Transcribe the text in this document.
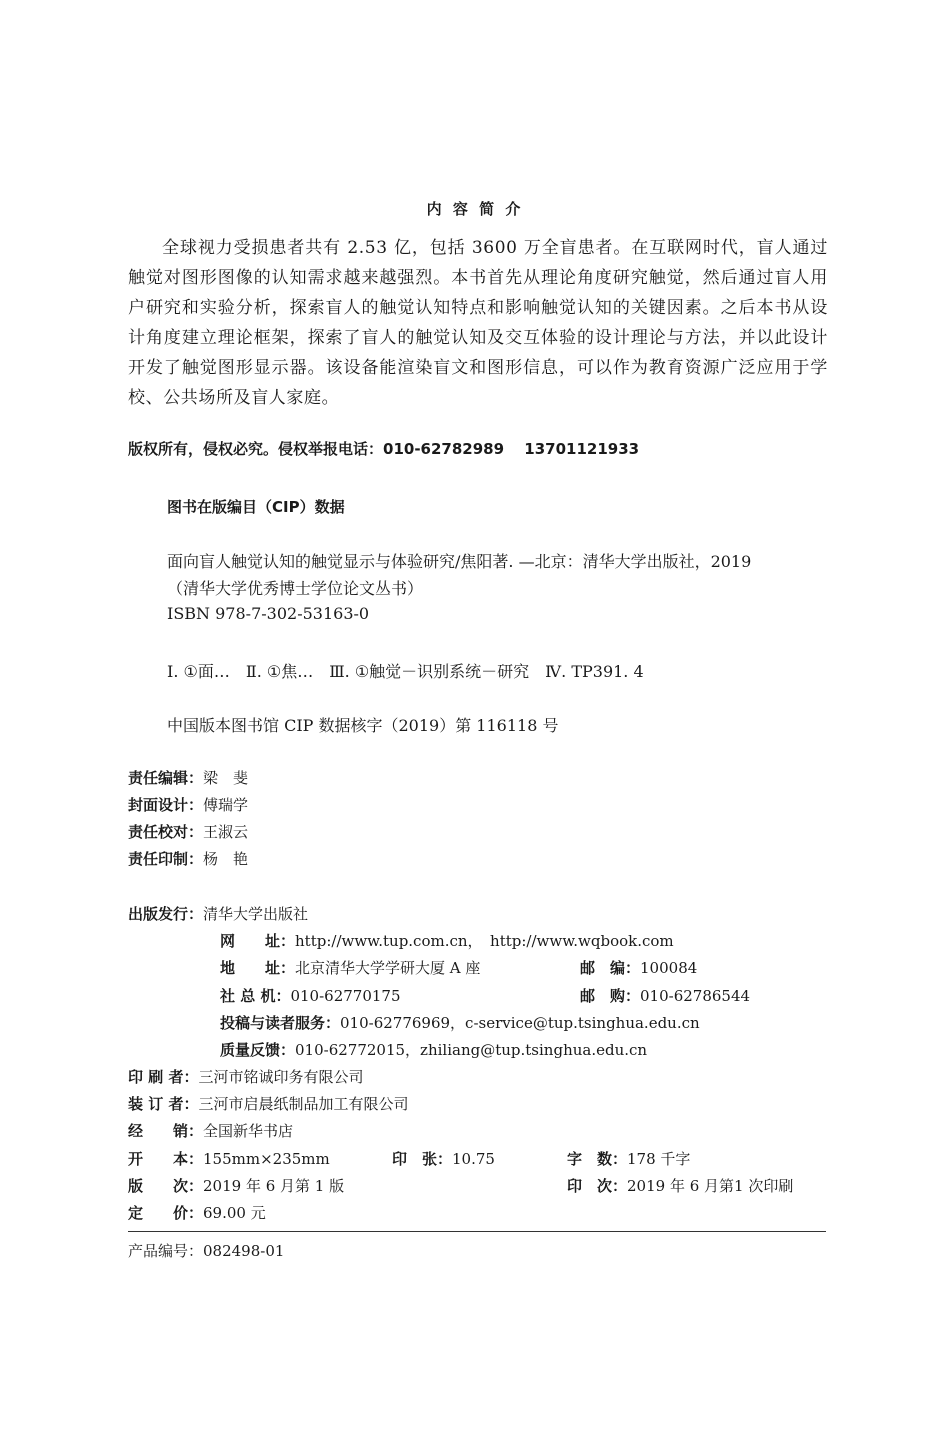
内 容 简 介
全球视力受损患者共有 2.53 亿，包括 3600 万全盲患者。在互联网时代，盲人通过触觉对图形图像的认知需求越来越强烈。本书首先从理论角度研究触觉，然后通过盲人用户研究和实验分析，探索盲人的触觉认知特点和影响触觉认知的关键因素。之后本书从设计角度建立理论框架，探索了盲人的触觉认知及交互体验的设计理论与方法，并以此设计开发了触觉图形显示器。该设备能渲染盲文和图形信息，可以作为教育资源广泛应用于学校、公共场所及盲人家庭。
版权所有，侵权必究。侵权举报电话：010-62782989　 13701121933
图书在版编目（CIP）数据
面向盲人触觉认知的触觉显示与体验研究/焦阳著. —北京：清华大学出版社，2019
（清华大学优秀博士学位论文丛书）
ISBN 978-7-302-53163-0
Ⅰ. ①面…　Ⅱ. ①焦…　Ⅲ. ①触觉－识别系统－研究　Ⅳ. TP391. 4
中国版本图书馆 CIP 数据核字（2019）第 116118 号
责任编辑：梁　斐
封面设计：傅瑞学
责任校对：王淑云
责任印制：杨　艳
出版发行：清华大学出版社
网　　址：http://www.tup.com.cn，　http://www.wqbook.com
地　　址：北京清华大学学研大厦 A 座	邮　编：100084
社 总 机：010-62770175	邮　购：010-62786544
投稿与读者服务：010-62776969，c-service@tup.tsinghua.edu.cn
质量反馈：010-62772015，zhiliang@tup.tsinghua.edu.cn
印 刷 者：三河市铭诚印务有限公司
装 订 者：三河市启晨纸制品加工有限公司
经　　销：全国新华书店
开　　本：155mm×235mm	印　张：10.75	字　数：178 千字
版　　次：2019 年 6 月第 1 版	印　次：2019 年 6 月第1 次印刷
定　　价：69.00 元
产品编号：082498-01
